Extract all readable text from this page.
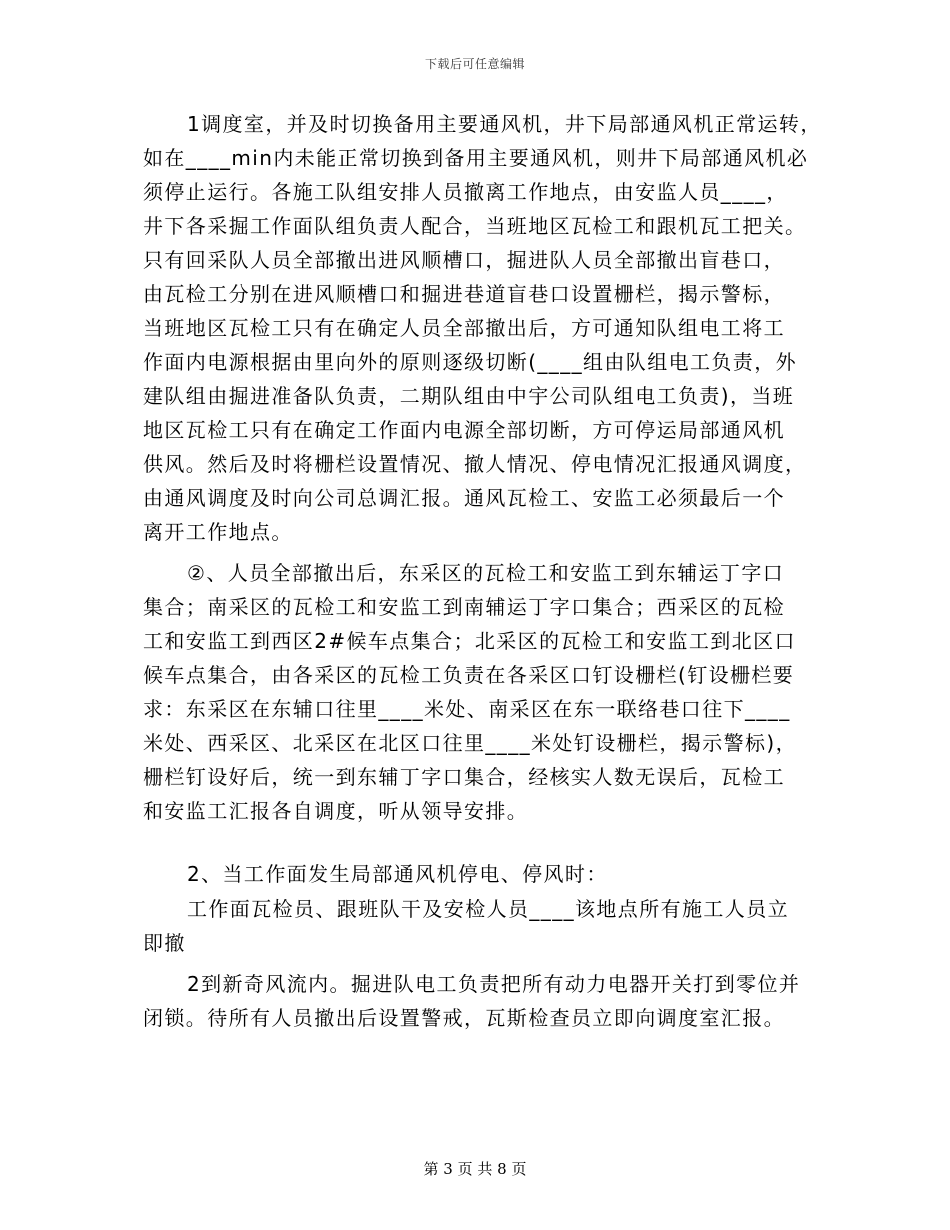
下载后可任意编辑
1调度室，并及时切换备用主要通风机，井下局部通风机正常运转，
如在____min内未能正常切换到备用主要通风机，则井下局部通风机必
须停止运行。各施工队组安排人员撤离工作地点，由安监人员____，
井下各采掘工作面队组负责人配合，当班地区瓦检工和跟机瓦工把关。
只有回采队人员全部撤出进风顺槽口，掘进队人员全部撤出盲巷口，
由瓦检工分别在进风顺槽口和掘进巷道盲巷口设置栅栏，揭示警标，
当班地区瓦检工只有在确定人员全部撤出后，方可通知队组电工将工
作面内电源根据由里向外的原则逐级切断(____组由队组电工负责，外
建队组由掘进准备队负责，二期队组由中宇公司队组电工负责)，当班
地区瓦检工只有在确定工作面内电源全部切断，方可停运局部通风机
供风。然后及时将栅栏设置情况、撤人情况、停电情况汇报通风调度，
由通风调度及时向公司总调汇报。通风瓦检工、安监工必须最后一个
离开工作地点。
②、人员全部撤出后，东采区的瓦检工和安监工到东辅运丁字口
集合；南采区的瓦检工和安监工到南辅运丁字口集合；西采区的瓦检
工和安监工到西区2#候车点集合；北采区的瓦检工和安监工到北区口
候车点集合，由各采区的瓦检工负责在各采区口钉设栅栏(钉设栅栏要
求：东采区在东辅口往里____米处、南采区在东一联络巷口往下____
米处、西采区、北采区在北区口往里____米处钉设栅栏，揭示警标)，
栅栏钉设好后，统一到东辅丁字口集合，经核实人数无误后，瓦检工
和安监工汇报各自调度，听从领导安排。
2、当工作面发生局部通风机停电、停风时：
工作面瓦检员、跟班队干及安检人员____该地点所有施工人员立
即撤
2到新奇风流内。掘进队电工负责把所有动力电器开关打到零位并
闭锁。待所有人员撤出后设置警戒，瓦斯检查员立即向调度室汇报。
第 3 页 共 8 页
